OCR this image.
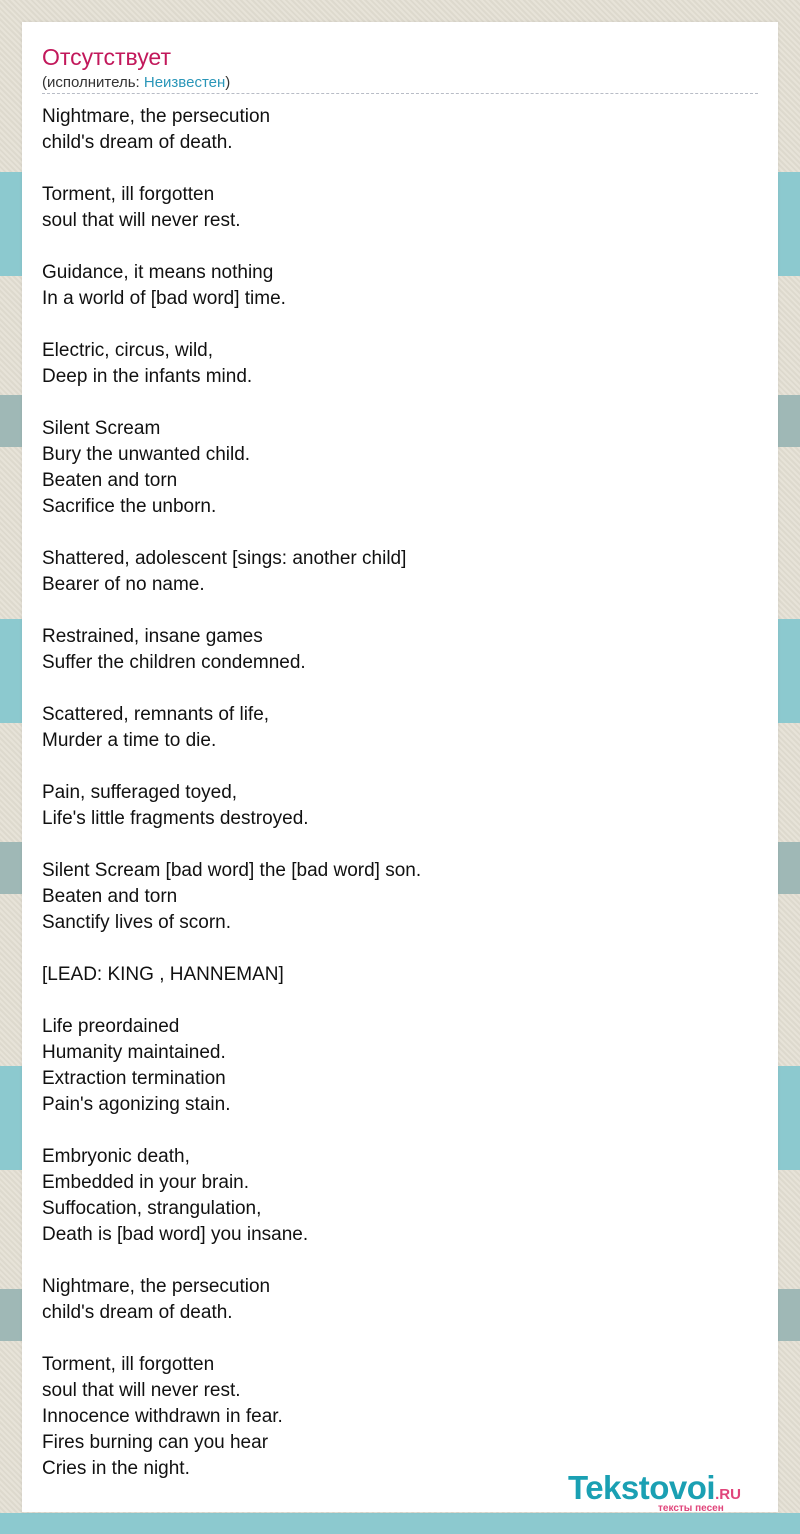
Отсутствует
(исполнитель: Неизвестен)
Nightmare, the persecution
child's dream of death.
Torment, ill forgotten
soul that will never rest.
Guidance, it means nothing
In a world of [bad word] time.
Electric, circus, wild,
Deep in the infants mind.
Silent Scream
Bury the unwanted child.
Beaten and torn
Sacrifice the unborn.
Shattered, adolescent [sings: another child]
Bearer of no name.
Restrained, insane games
Suffer the children condemned.
Scattered, remnants of life,
Murder a time to die.
Pain, sufferaged toyed,
Life's little fragments destroyed.
Silent Scream [bad word] the [bad word] son.
Beaten and torn
Sanctify lives of scorn.
[LEAD: KING , HANNEMAN]
Life preordained
Humanity maintained.
Extraction termination
Pain's agonizing stain.
Embryonic death,
Embedded in your brain.
Suffocation, strangulation,
Death is [bad word] you insane.
Nightmare, the persecution
child's dream of death.
Torment, ill forgotten
soul that will never rest.
Innocence withdrawn in fear.
Fires burning can you hear
Cries in the night.
Tekstovoi.RU
тексты песен
